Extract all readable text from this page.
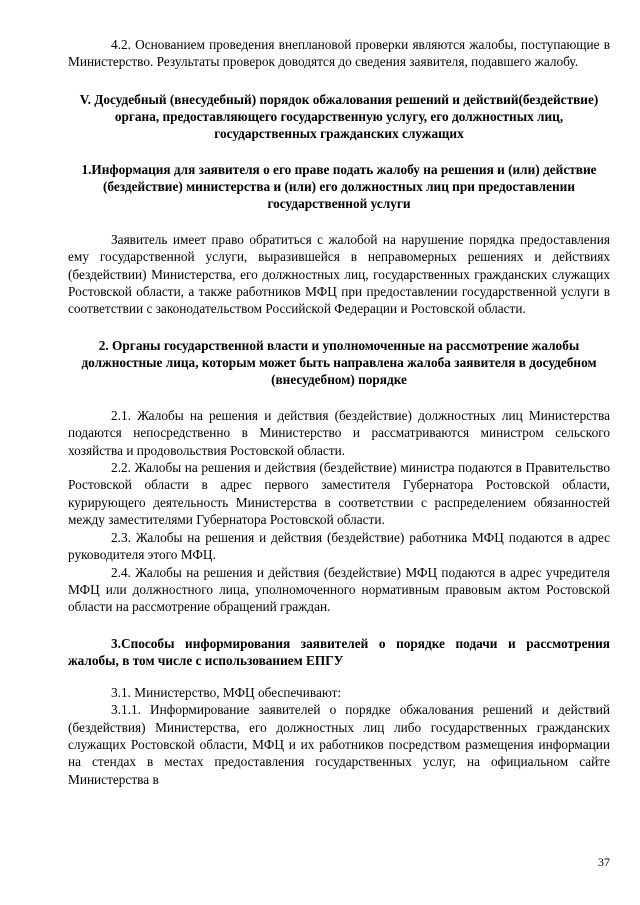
4.2. Основанием проведения внеплановой проверки являются жалобы, поступающие в Министерство. Результаты проверок доводятся до сведения заявителя, подавшего жалобу.

V. Досудебный (внесудебный) порядок обжалования решений и действий(бездействие) органа, предоставляющего государственную услугу, его должностных лиц, государственных гражданских служащих
1.Информация для заявителя о его праве подать жалобу на решения и (или) действие (бездействие) министерства и (или) его должностных лиц при предоставлении государственной услуги

Заявитель имеет право обратиться с жалобой на нарушение порядка предоставления ему государственной услуги, выразившейся в неправомерных решениях и действиях (бездействии) Министерства, его должностных лиц, государственных гражданских служащих Ростовской области, а также работников МФЦ при предоставлении государственной услуги в соответствии с законодательством Российской Федерации и Ростовской области.

2. Органы государственной власти и уполномоченные на рассмотрение жалобы должностные лица, которым может быть направлена жалоба заявителя в досудебном (внесудебном) порядке

2.1. Жалобы на решения и действия (бездействие) должностных лиц Министерства подаются непосредственно в Министерство и рассматриваются министром сельского хозяйства и продовольствия Ростовской области.

2.2. Жалобы на решения и действия (бездействие) министра подаются в Правительство Ростовской области в адрес первого заместителя Губернатора Ростовской области, курирующего деятельность Министерства в соответствии с распределением обязанностей между заместителями Губернатора Ростовской области.

2.3. Жалобы на решения и действия (бездействие) работника МФЦ подаются в адрес руководителя этого МФЦ.

2.4. Жалобы на решения и действия (бездействие) МФЦ подаются в адрес учредителя МФЦ или должностного лица, уполномоченного нормативным правовым актом Ростовской области на рассмотрение обращений граждан.

3.Способы информирования заявителей о порядке подачи и рассмотрения жалобы, в том числе с использованием ЕПГУ

3.1. Министерство, МФЦ обеспечивают:

3.1.1. Информирование заявителей о порядке обжалования решений и действий (бездействия) Министерства, его должностных лиц либо государственных гражданских служащих Ростовской области, МФЦ и их работников посредством размещения информации на стендах в местах предоставления государственных услуг, на официальном сайте Министерства в

37
